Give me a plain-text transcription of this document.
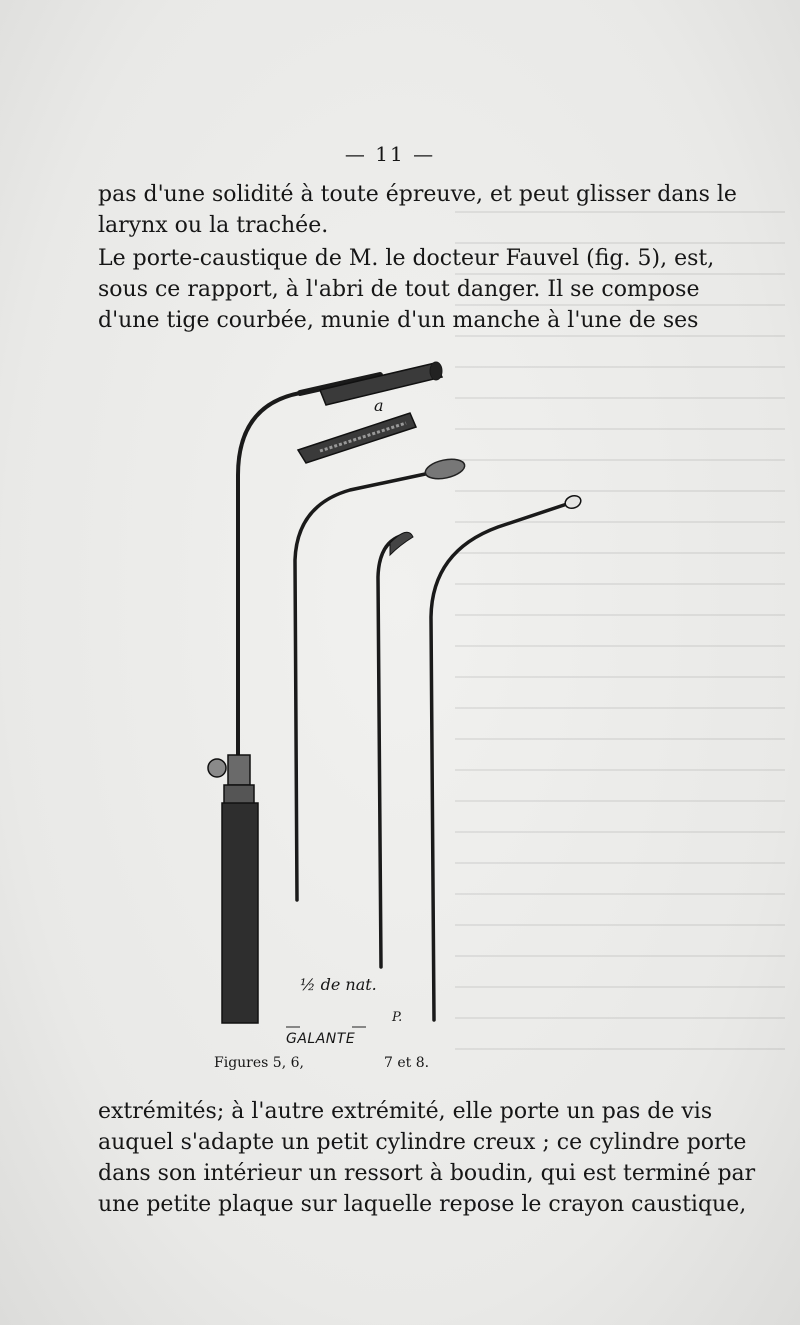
— 11 —

pas d'une solidité à toute épreuve, et peut glisser dans le
larynx ou la trachée.

Le porte-caustique de M. le docteur Fauvel (fig. 5), est,
sous ce rapport, à l'abri de tout danger. Il se compose
d'une tige courbée, munie d'un manche à l'une de ses

a
½ de nat.
P.
GALANTE
Figures 5, 6,	7 et 8.

extrémités; à l'autre extrémité, elle porte un pas de vis
auquel s'adapte un petit cylindre creux ; ce cylindre porte
dans son intérieur un ressort à boudin, qui est terminé par
une petite plaque sur laquelle repose le crayon caustique,
